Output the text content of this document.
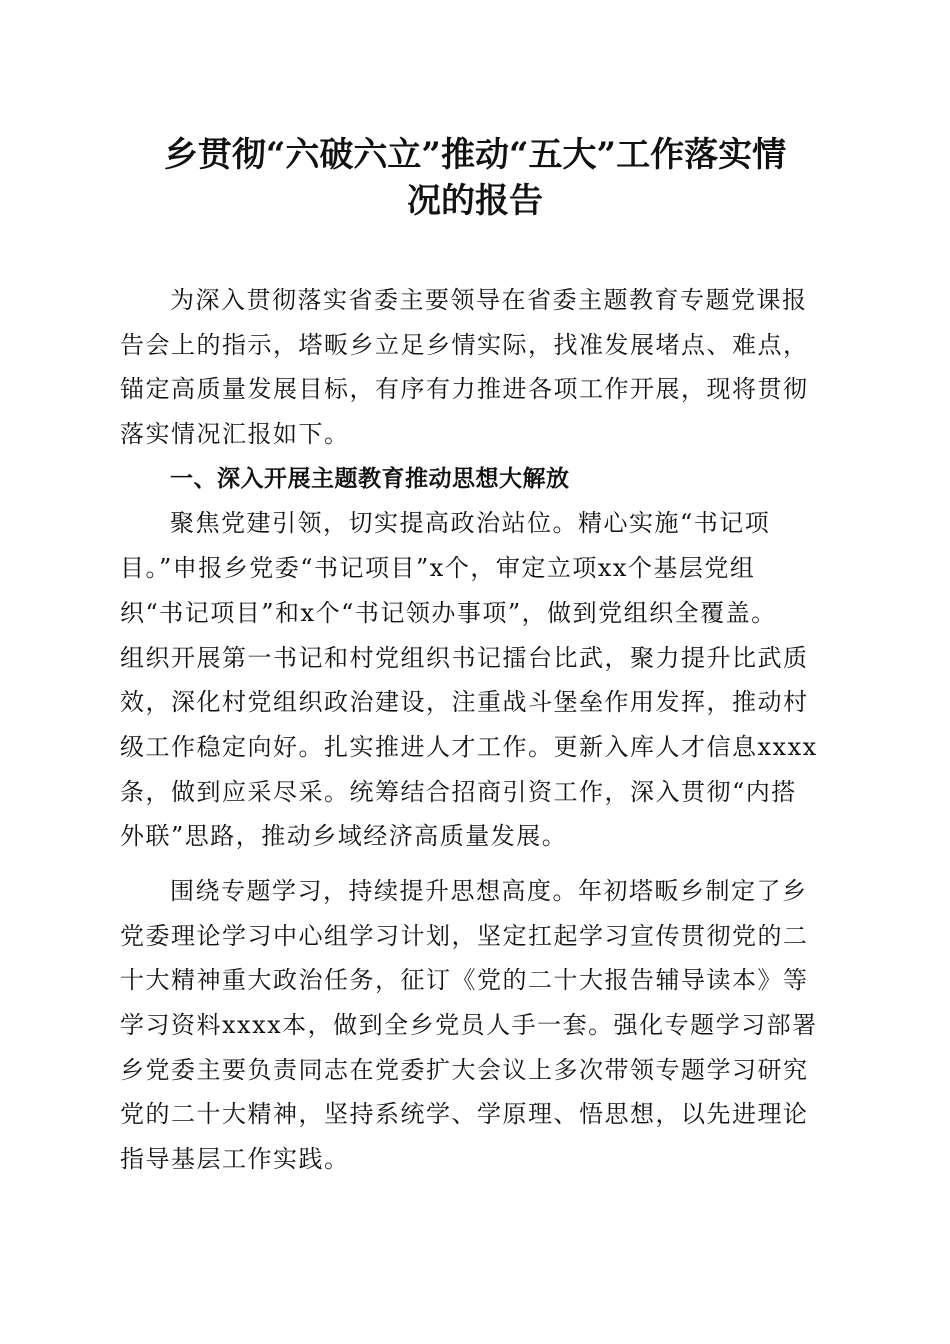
乡贯彻“六破六立”推动“五大”工作落实情
况的报告
为深入贯彻落实省委主要领导在省委主题教育专题党课报
告会上的指示，塔畈乡立足乡情实际，找准发展堵点、难点，
锚定高质量发展目标，有序有力推进各项工作开展，现将贯彻
落实情况汇报如下。
一、深入开展主题教育推动思想大解放
聚焦党建引领，切实提高政治站位。精心实施“书记项
目。”申报乡党委“书记项目”x个，审定立项xx个基层党组
织“书记项目”和x个“书记领办事项”，做到党组织全覆盖。
组织开展第一书记和村党组织书记擂台比武，聚力提升比武质
效，深化村党组织政治建设，注重战斗堡垒作用发挥，推动村
级工作稳定向好。扎实推进人才工作。更新入库人才信息xxxx
条，做到应采尽采。统筹结合招商引资工作，深入贯彻“内搭
外联”思路，推动乡域经济高质量发展。
围绕专题学习，持续提升思想高度。年初塔畈乡制定了乡
党委理论学习中心组学习计划，坚定扛起学习宣传贯彻党的二
十大精神重大政治任务，征订《党的二十大报告辅导读本》等
学习资料xxxx本，做到全乡党员人手一套。强化专题学习部署
乡党委主要负责同志在党委扩大会议上多次带领专题学习研究
党的二十大精神，坚持系统学、学原理、悟思想，以先进理论
指导基层工作实践。
